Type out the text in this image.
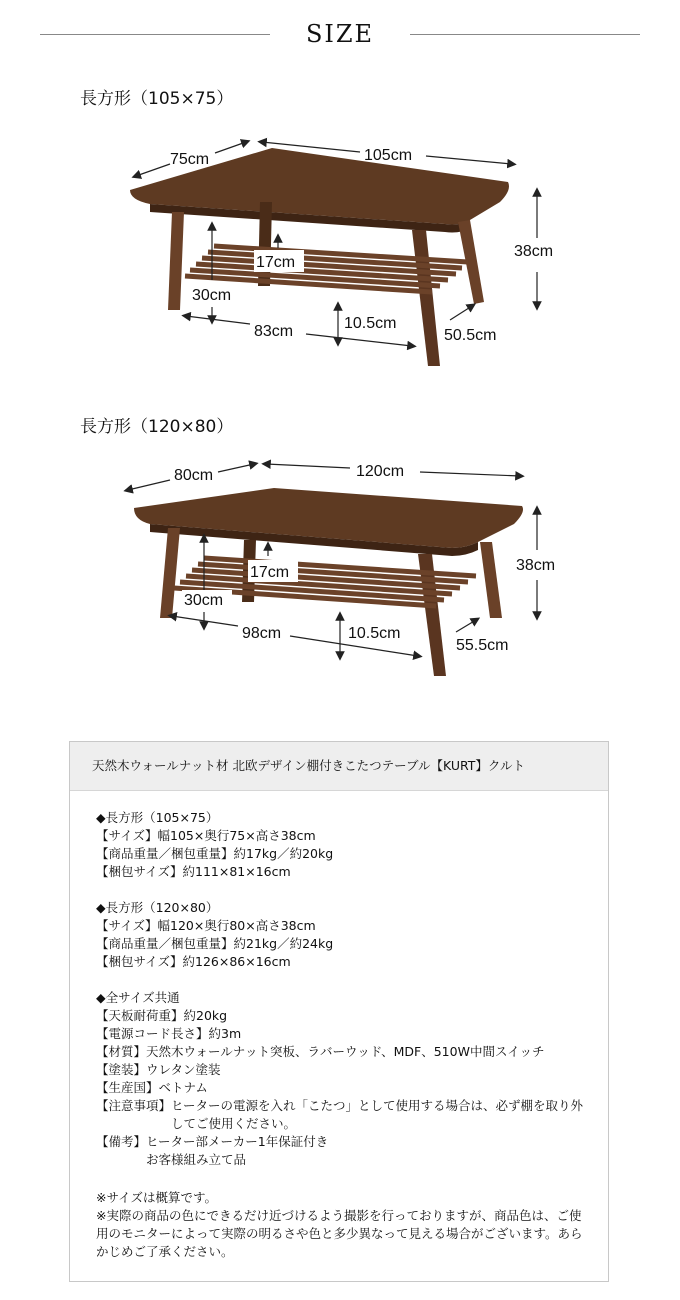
SIZE
長方形（105×75）
75cm	105cm
38cm
17cm
30cm
83cm	10.5cm
50.5cm
長方形（120×80）
80cm	120cm
38cm
17cm
30cm
98cm	10.5cm
55.5cm
天然木ウォールナット材 北欧デザイン棚付きこたつテーブル【KURT】クルト
◆長方形（105×75）
【サイズ】幅105×奥行75×高さ38cm
【商品重量／梱包重量】約17kg／約20kg
【梱包サイズ】約111×81×16cm
◆長方形（120×80）
【サイズ】幅120×奥行80×高さ38cm
【商品重量／梱包重量】約21kg／約24kg
【梱包サイズ】約126×86×16cm
◆全サイズ共通
【天板耐荷重】約20kg
【電源コード長さ】約3m
【材質】天然木ウォールナット突板、ラバーウッド、MDF、510W中間スイッチ
【塗装】ウレタン塗装
【生産国】ベトナム
【注意事項】 ヒーターの電源を入れ「こたつ」として使用する場合は、必ず棚を取り外してご使用ください。
【備考】 ヒーター部メーカー1年保証付き
お客様組み立て品
※サイズは概算です。
※実際の商品の色にできるだけ近づけるよう撮影を行っておりますが、商品色は、ご使用のモニターによって実際の明るさや色と多少異なって見える場合がございます。あらかじめご了承ください。
